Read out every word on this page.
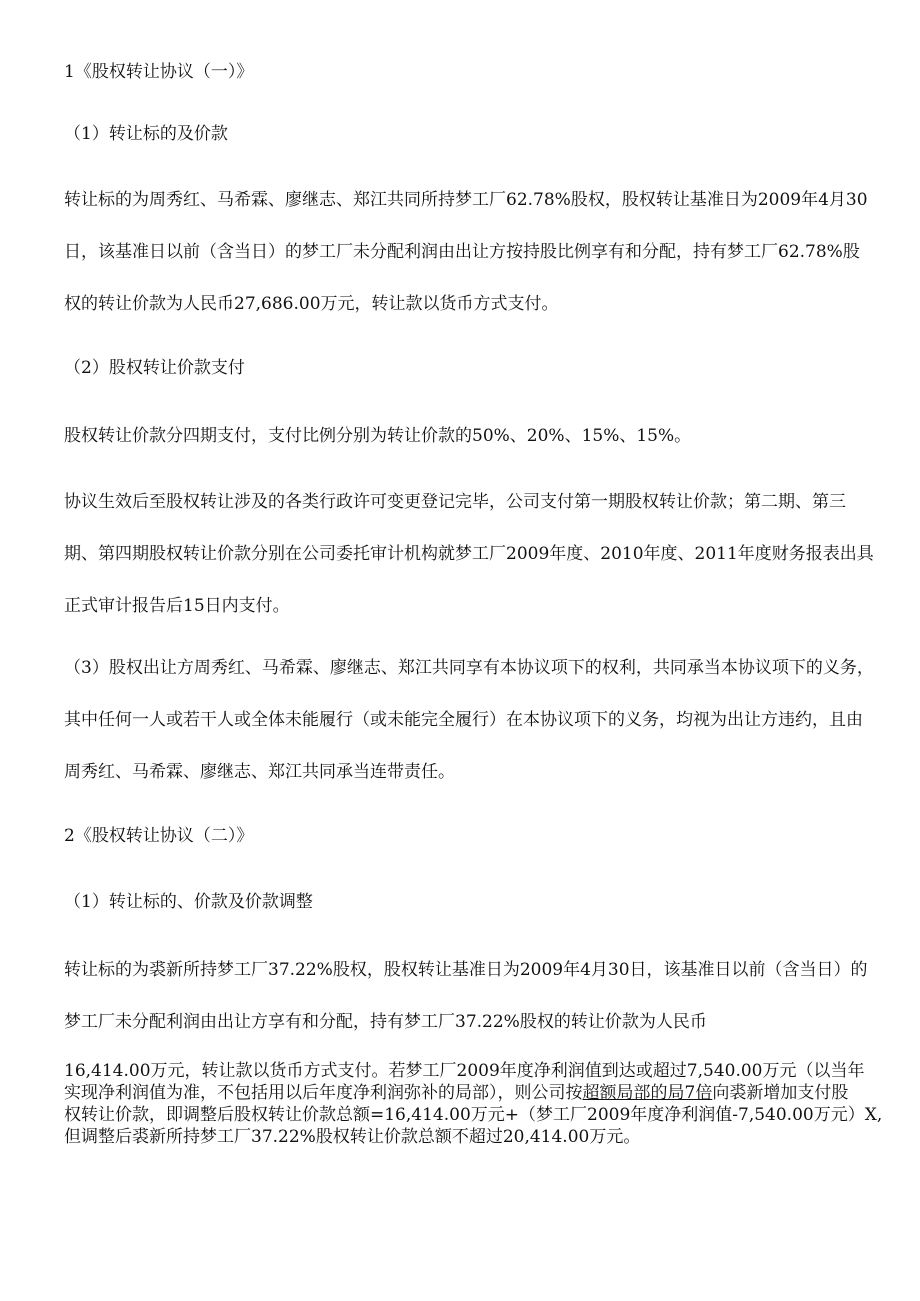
1《股权转让协议（一）》
（1）转让标的及价款
转让标的为周秀红、马希霖、廖继志、郑江共同所持梦工厂62.78%股权，股权转让基准日为2009年4月30
日，该基准日以前（含当日）的梦工厂未分配利润由出让方按持股比例享有和分配，持有梦工厂62.78%股
权的转让价款为人民币27,686.00万元，转让款以货币方式支付。
（2）股权转让价款支付
股权转让价款分四期支付，支付比例分别为转让价款的50%、20%、15%、15%。
协议生效后至股权转让涉及的各类行政许可变更登记完毕，公司支付第一期股权转让价款；第二期、第三
期、第四期股权转让价款分别在公司委托审计机构就梦工厂2009年度、2010年度、2011年度财务报表出具
正式审计报告后15日内支付。
（3）股权出让方周秀红、马希霖、廖继志、郑江共同享有本协议项下的权利，共同承当本协议项下的义务，
其中任何一人或若干人或全体未能履行（或未能完全履行）在本协议项下的义务，均视为出让方违约，且由
周秀红、马希霖、廖继志、郑江共同承当连带责任。
2《股权转让协议（二）》
（1）转让标的、价款及价款调整
转让标的为裘新所持梦工厂37.22%股权，股权转让基准日为2009年4月30日，该基准日以前（含当日）的
梦工厂未分配利润由出让方享有和分配，持有梦工厂37.22%股权的转让价款为人民币
16,414.00万元，转让款以货币方式支付。若梦工厂2009年度净利润值到达或超过7,540.00万元（以当年
实现净利润值为准，不包括用以后年度净利润弥补的局部），则公司按超额局部的局7倍向裘新增加支付股
权转让价款，即调整后股权转让价款总额=16,414.00万元+（梦工厂2009年度净利润值-7,540.00万元）X,
但调整后裘新所持梦工厂37.22%股权转让价款总额不超过20,414.00万元。
